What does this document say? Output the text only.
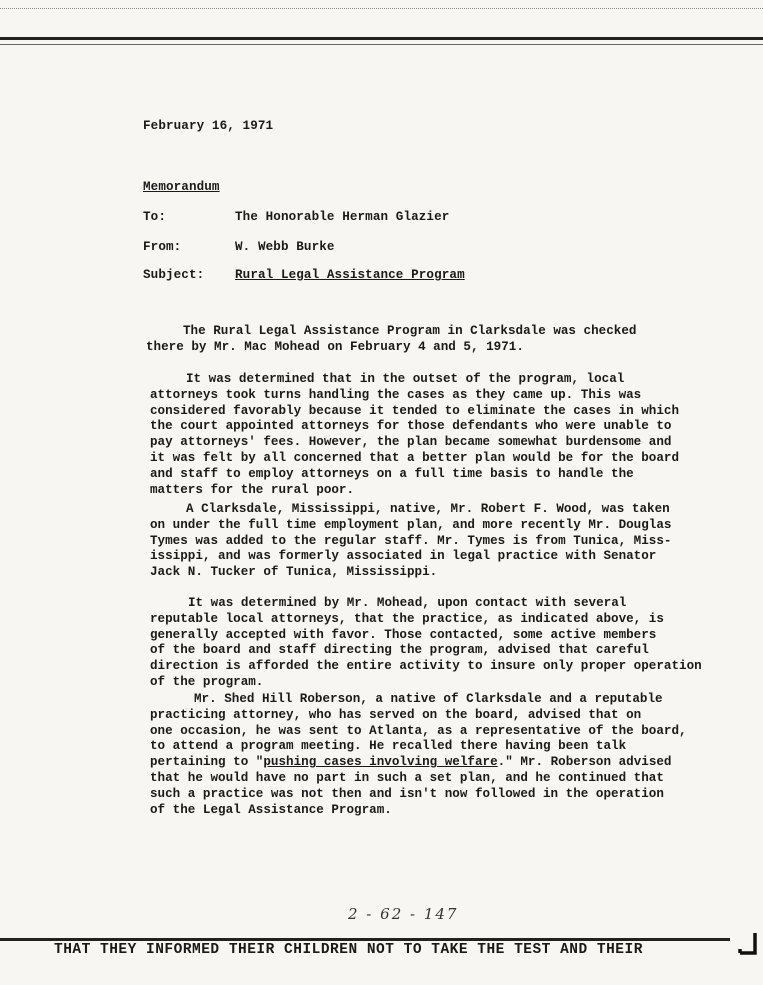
February 16, 1971
Memorandum
To:	The Honorable Herman Glazier
From:	W. Webb Burke
Subject: Rural Legal Assistance Program
The Rural Legal Assistance Program in Clarksdale was checked
there by Mr. Mac Mohead on February 4 and 5, 1971.
It was determined that in the outset of the program, local
attorneys took turns handling the cases as they came up. This was
considered favorably because it tended to eliminate the cases in which
the court appointed attorneys for those defendants who were unable to
pay attorneys' fees. However, the plan became somewhat burdensome and
it was felt by all concerned that a better plan would be for the board
and staff to employ attorneys on a full time basis to handle the
matters for the rural poor.
A Clarksdale, Mississippi, native, Mr. Robert F. Wood, was taken
on under the full time employment plan, and more recently Mr. Douglas
Tymes was added to the regular staff. Mr. Tymes is from Tunica, Miss-
issippi, and was formerly associated in legal practice with Senator
Jack N. Tucker of Tunica, Mississippi.
It was determined by Mr. Mohead, upon contact with several
reputable local attorneys, that the practice, as indicated above, is
generally accepted with favor. Those contacted, some active members
of the board and staff directing the program, advised that careful
direction is afforded the entire activity to insure only proper operation
of the program.
Mr. Shed Hill Roberson, a native of Clarksdale and a reputable
practicing attorney, who has served on the board, advised that on
one occasion, he was sent to Atlanta, as a representative of the board,
to attend a program meeting. He recalled there having been talk
pertaining to "pushing cases involving welfare." Mr. Roberson advised
that he would have no part in such a set plan, and he continued that
such a practice was not then and isn't now followed in the operation
of the Legal Assistance Program.
2 - 62 - 147
THAT THEY INFORMED THEIR CHILDREN NOT TO TAKE THE TEST AND THEIR
